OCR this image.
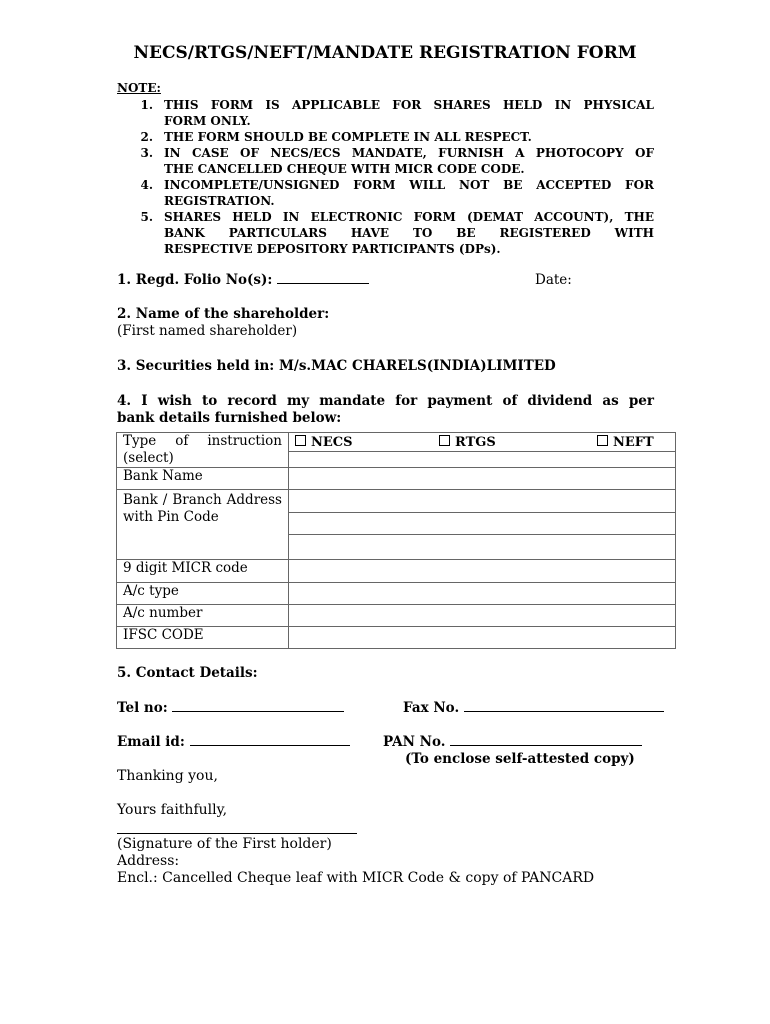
NECS/RTGS/NEFT/MANDATE REGISTRATION FORM
NOTE:
1. THIS FORM IS APPLICABLE FOR SHARES HELD IN PHYSICAL
FORM ONLY.
2. THE FORM SHOULD BE COMPLETE IN ALL RESPECT.
3. IN CASE OF NECS/ECS MANDATE, FURNISH A PHOTOCOPY OF
THE CANCELLED CHEQUE WITH MICR CODE CODE.
4. INCOMPLETE/UNSIGNED FORM WILL NOT BE ACCEPTED FOR
REGISTRATION.
5. SHARES HELD IN ELECTRONIC FORM (DEMAT ACCOUNT), THE
BANK PARTICULARS HAVE TO BE REGISTERED WITH
RESPECTIVE DEPOSITORY PARTICIPANTS (DPs).
1. Regd. Folio No(s):	Date:
2. Name of the shareholder:
(First named shareholder)
3. Securities held in: M/s.MAC CHARELS(INDIA)LIMITED
4. I wish to record my mandate for payment of dividend as per
bank details furnished below:
Type of instruction (select)	NECS RTGS NEFT

Bank Name	

Bank / Branch Address with Pin Code	

9 digit MICR code	
A/c type	
A/c number	
IFSC CODE	
5. Contact Details:
Tel no:	Fax No.
Email id:	PAN No.
(To enclose self-attested copy)
Thanking you,
Yours faithfully,
(Signature of the First holder)
Address:
Encl.: Cancelled Cheque leaf with MICR Code & copy of PANCARD
